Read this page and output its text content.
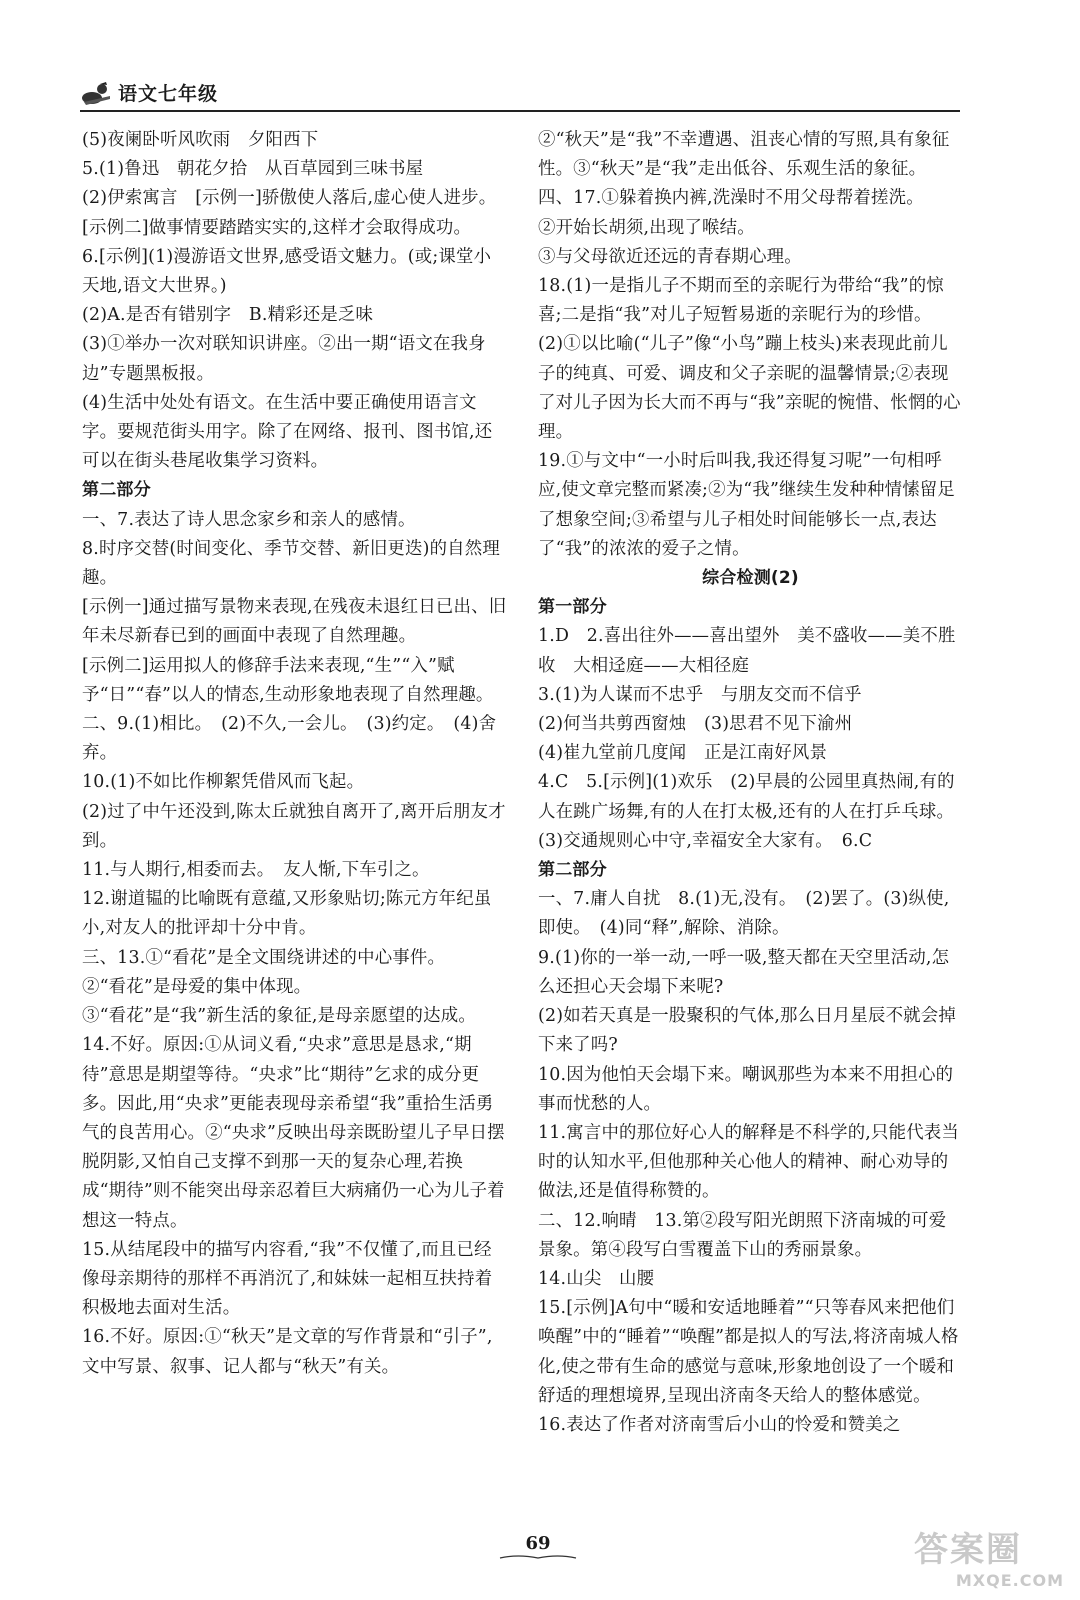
语文七年级

(5)夜阑卧听风吹雨　夕阳西下

5.(1)鲁迅　朝花夕拾　从百草园到三味书屋

(2)伊索寓言　[示例一]骄傲使人落后,虚心使人进步。

[示例二]做事情要踏踏实实的,这样才会取得成功。

6.[示例](1)漫游语文世界,感受语文魅力。(或;课堂小天地,语文大世界。)

(2)A.是否有错别字　B.精彩还是乏味

(3)①举办一次对联知识讲座。②出一期“语文在我身边”专题黑板报。

(4)生活中处处有语文。在生活中要正确使用语言文字。要规范街头用字。除了在网络、报刊、图书馆,还可以在街头巷尾收集学习资料。

第二部分

一、7.表达了诗人思念家乡和亲人的感情。

8.时序交替(时间变化、季节交替、新旧更迭)的自然理趣。

[示例一]通过描写景物来表现,在残夜未退红日已出、旧年未尽新春已到的画面中表现了自然理趣。

[示例二]运用拟人的修辞手法来表现,“生”“入”赋予“日”“春”以人的情态,生动形象地表现了自然理趣。

二、9.(1)相比。　(2)不久,一会儿。　(3)约定。　(4)舍弃。

10.(1)不如比作柳絮凭借风而飞起。

(2)过了中午还没到,陈太丘就独自离开了,离开后朋友才到。

11.与人期行,相委而去。　友人惭,下车引之。

12.谢道韫的比喻既有意蕴,又形象贴切;陈元方年纪虽小,对友人的批评却十分中肯。

三、13.①“看花”是全文围绕讲述的中心事件。

②“看花”是母爱的集中体现。

③“看花”是“我”新生活的象征,是母亲愿望的达成。

14.不好。原因:①从词义看,“央求”意思是恳求,“期待”意思是期望等待。“央求”比“期待”乞求的成分更多。因此,用“央求”更能表现母亲希望“我”重拾生活勇气的良苦用心。②“央求”反映出母亲既盼望儿子早日摆脱阴影,又怕自己支撑不到那一天的复杂心理,若换成“期待”则不能突出母亲忍着巨大病痛仍一心为儿子着想这一特点。

15.从结尾段中的描写内容看,“我”不仅懂了,而且已经像母亲期待的那样不再消沉了,和妹妹一起相互扶持着积极地去面对生活。

16.不好。原因:①“秋天”是文章的写作背景和“引子”,文中写景、叙事、记人都与“秋天”有关。

②“秋天”是“我”不幸遭遇、沮丧心情的写照,具有象征性。③“秋天”是“我”走出低谷、乐观生活的象征。

四、17.①躲着换内裤,洗澡时不用父母帮着搓洗。

②开始长胡须,出现了喉结。

③与父母欲近还远的青春期心理。

18.(1)一是指儿子不期而至的亲昵行为带给“我”的惊喜;二是指“我”对儿子短暂易逝的亲昵行为的珍惜。

(2)①以比喻(“儿子”像“小鸟”蹦上枝头)来表现此前儿子的纯真、可爱、调皮和父子亲昵的温馨情景;②表现了对儿子因为长大而不再与“我”亲昵的惋惜、怅惘的心理。

19.①与文中“一小时后叫我,我还得复习呢”一句相呼应,使文章完整而紧凑;②为“我”继续生发种种情愫留足了想象空间;③希望与儿子相处时间能够长一点,表达了“我”的浓浓的爱子之情。

综合检测(2)

第一部分

1.D　2.喜出往外——喜出望外　美不盛收——美不胜收　大相迳庭——大相径庭

3.(1)为人谋而不忠乎　与朋友交而不信乎

(2)何当共剪西窗烛　(3)思君不见下渝州

(4)崔九堂前几度闻　正是江南好风景

4.C　5.[示例](1)欢乐　(2)早晨的公园里真热闹,有的人在跳广场舞,有的人在打太极,还有的人在打乒乓球。

(3)交通规则心中守,幸福安全大家有。　6.C

第二部分

一、7.庸人自扰　8.(1)无,没有。　(2)罢了。(3)纵使,即使。　(4)同“释”,解除、消除。

9.(1)你的一举一动,一呼一吸,整天都在天空里活动,怎么还担心天会塌下来呢?

(2)如若天真是一股聚积的气体,那么日月星辰不就会掉下来了吗?

10.因为他怕天会塌下来。嘲讽那些为本来不用担心的事而忧愁的人。

11.寓言中的那位好心人的解释是不科学的,只能代表当时的认知水平,但他那种关心他人的精神、耐心劝导的做法,还是值得称赞的。

二、12.响晴　13.第②段写阳光朗照下济南城的可爱景象。第④段写白雪覆盖下山的秀丽景象。

14.山尖　山腰

15.[示例]A句中“暖和安适地睡着”“只等春风来把他们唤醒”中的“睡着”“唤醒”都是拟人的写法,将济南城人格化,使之带有生命的感觉与意味,形象地创设了一个暖和舒适的理想境界,呈现出济南冬天给人的整体感觉。

16.表达了作者对济南雪后小山的怜爱和赞美之

69	答案圈
MXQE.COM
